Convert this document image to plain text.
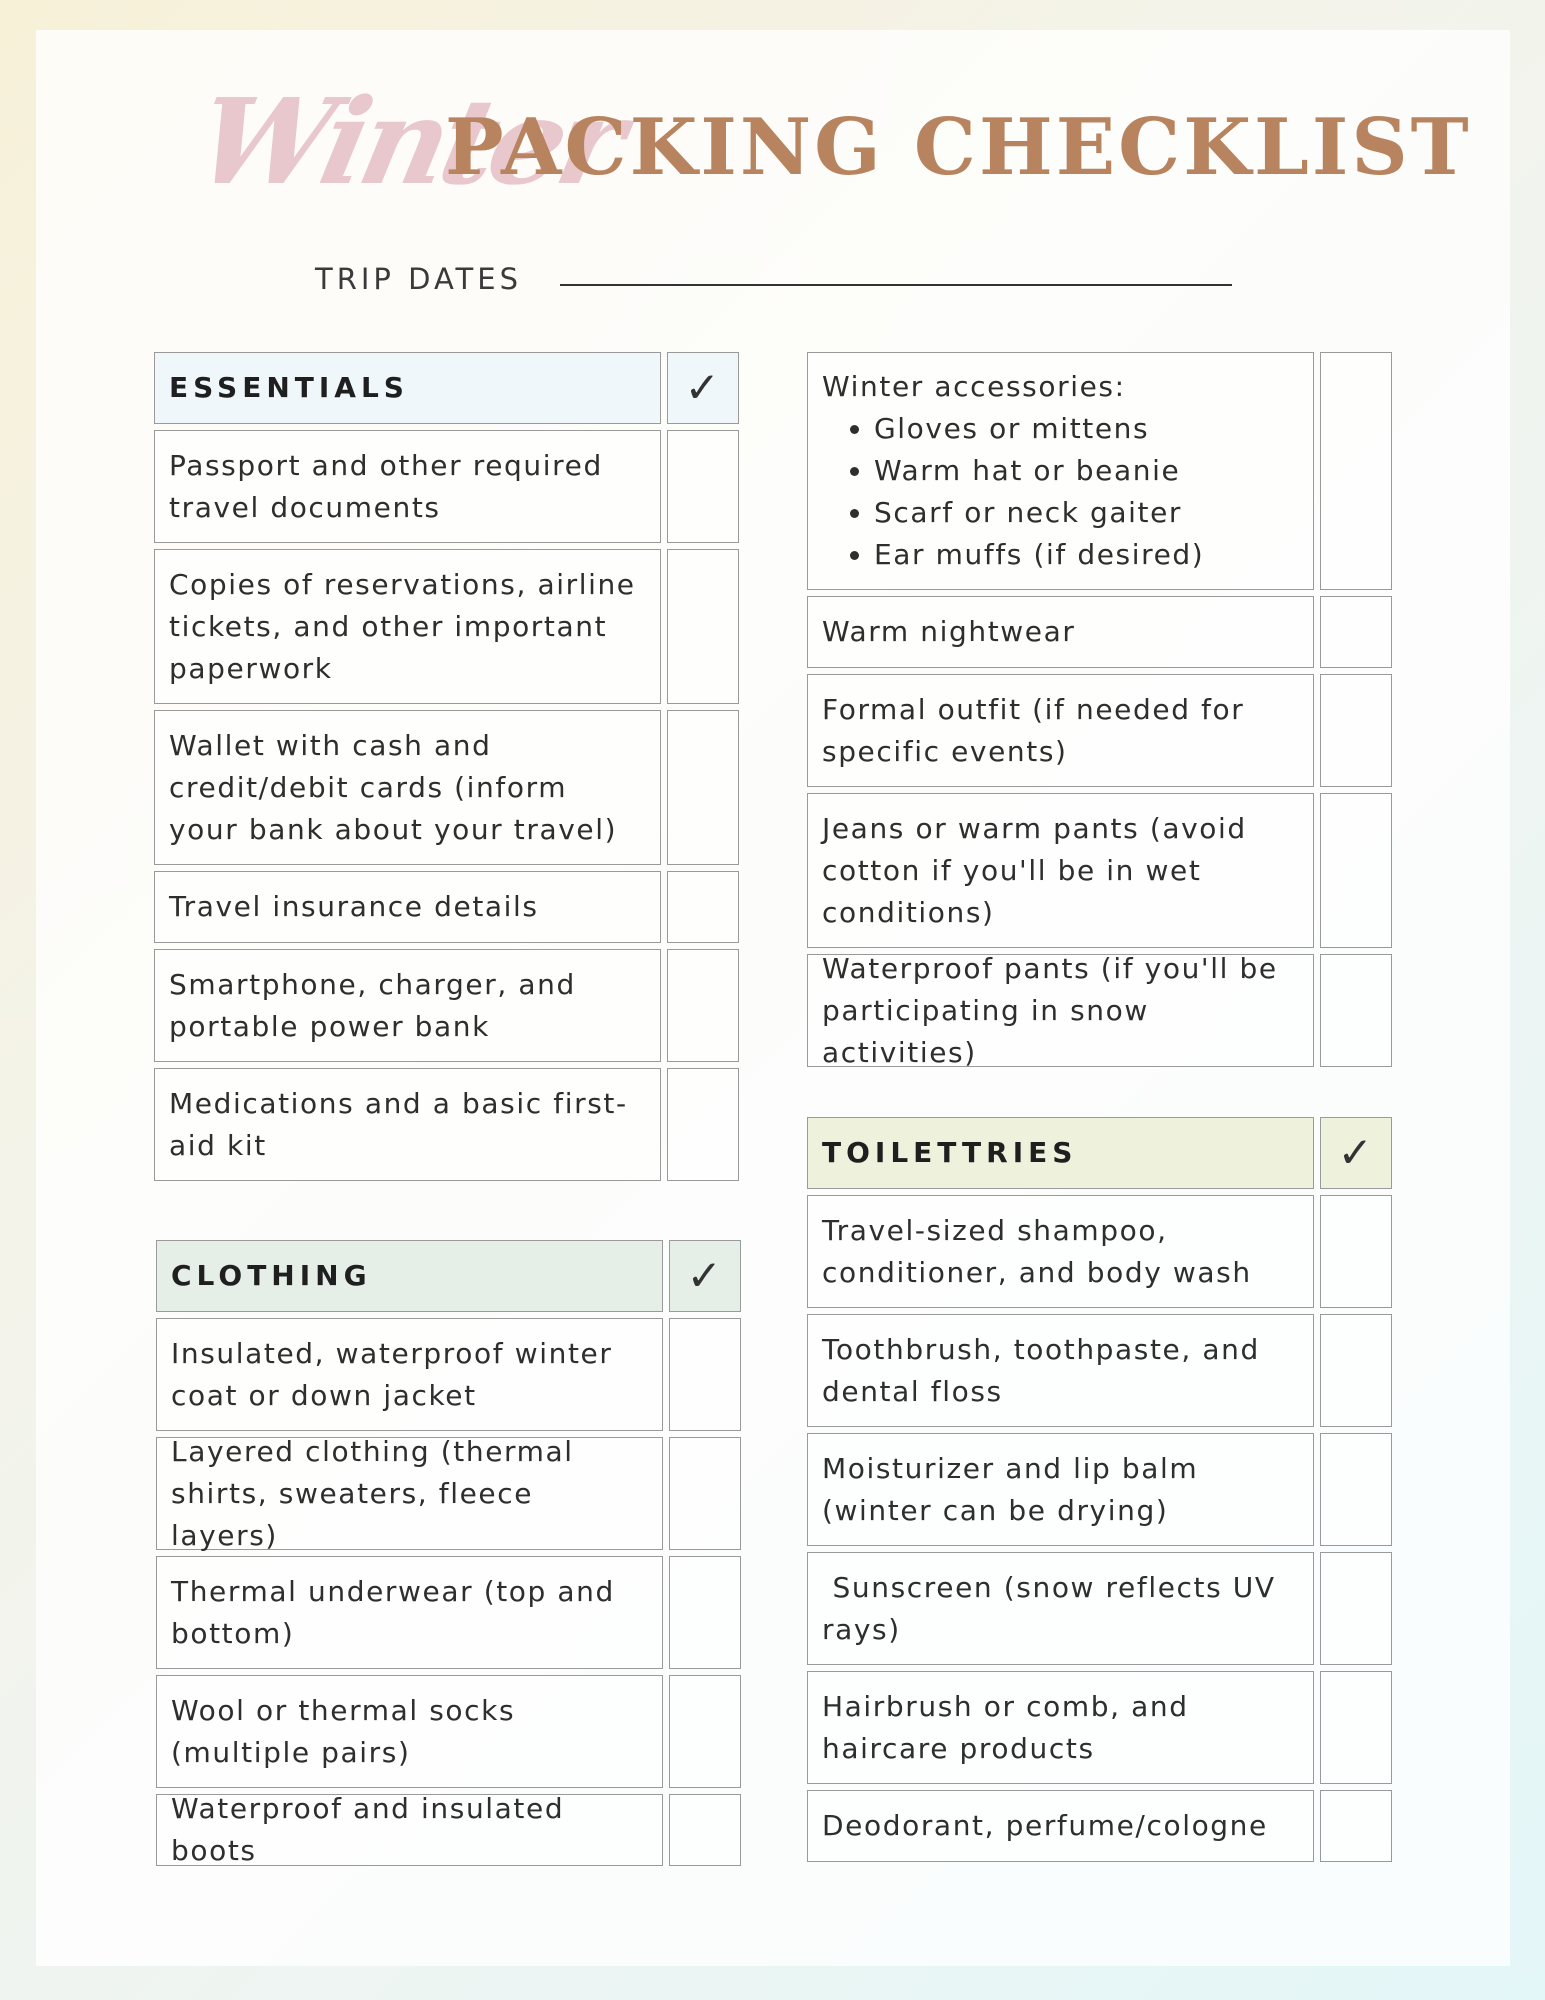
Winter
PACKING CHECKLIST
TRIP DATES
ESSENTIALS	✓
Passport and other required travel documents
Copies of reservations, airline tickets, and other important paperwork
Wallet with cash and credit/debit cards (inform your bank about your travel)
Travel insurance details
Smartphone, charger, and portable power bank
Medications and a basic first-aid kit
CLOTHING	✓
Insulated, waterproof winter coat or down jacket
Layered clothing (thermal shirts, sweaters, fleece layers)
Thermal underwear (top and bottom)
Wool or thermal socks (multiple pairs)
Waterproof and insulated boots
Winter accessories:
• Gloves or mittens
• Warm hat or beanie
• Scarf or neck gaiter
• Ear muffs (if desired)
Warm nightwear
Formal outfit (if needed for specific events)
Jeans or warm pants (avoid cotton if you'll be in wet conditions)
Waterproof pants (if you'll be participating in snow activities)
TOILETTRIES	✓
Travel-sized shampoo, conditioner, and body wash
Toothbrush, toothpaste, and dental floss
Moisturizer and lip balm (winter can be drying)
Sunscreen (snow reflects UV rays)
Hairbrush or comb, and haircare products
Deodorant, perfume/cologne
